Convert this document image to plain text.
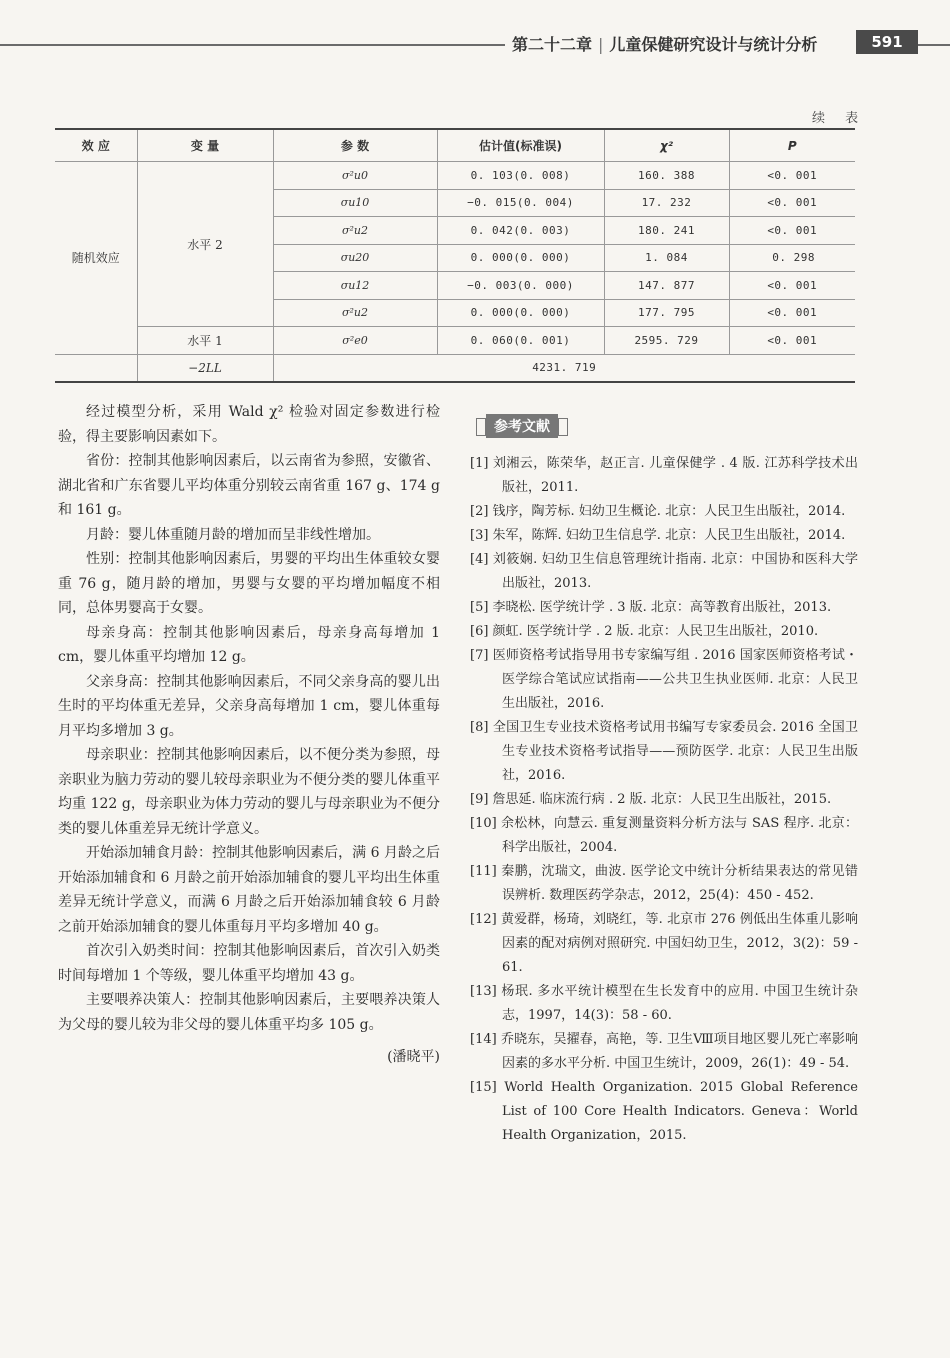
第二十二章 | 儿童保健研究设计与统计分析	591
续 表
效 应	变 量	参 数	估计值(标准误)	χ²	P
随机效应	水平 2	σ²u0	0. 103(0. 008)	160. 388	<0. 001
		σu10	−0. 015(0. 004)	17. 232	<0. 001
		σ²u2	0. 042(0. 003)	180. 241	<0. 001
		σu20	0. 000(0. 000)	1. 084	0. 298
		σu12	−0. 003(0. 000)	147. 877	<0. 001
		σ²u2	0. 000(0. 000)	177. 795	<0. 001
	水平 1	σ²e0	0. 060(0. 001)	2595. 729	<0. 001
	−2LL	4231. 719			

经过模型分析，采用 Wald χ² 检验对固定参数进行检验，得主要影响因素如下。

省份：控制其他影响因素后，以云南省为参照，安徽省、湖北省和广东省婴儿平均体重分别较云南省重 167 g、174 g 和 161 g。

月龄：婴儿体重随月龄的增加而呈非线性增加。

性别：控制其他影响因素后，男婴的平均出生体重较女婴重 76 g，随月龄的增加，男婴与女婴的平均增加幅度不相同，总体男婴高于女婴。

母亲身高：控制其他影响因素后，母亲身高每增加 1 cm，婴儿体重平均增加 12 g。

父亲身高：控制其他影响因素后，不同父亲身高的婴儿出生时的平均体重无差异，父亲身高每增加 1 cm，婴儿体重每月平均多增加 3 g。

母亲职业：控制其他影响因素后，以不便分类为参照，母亲职业为脑力劳动的婴儿较母亲职业为不便分类的婴儿体重平均重 122 g，母亲职业为体力劳动的婴儿与母亲职业为不便分类的婴儿体重差异无统计学意义。

开始添加辅食月龄：控制其他影响因素后，满 6 月龄之后开始添加辅食和 6 月龄之前开始添加辅食的婴儿平均出生体重差异无统计学意义，而满 6 月龄之后开始添加辅食较 6 月龄之前开始添加辅食的婴儿体重每月平均多增加 40 g。

首次引入奶类时间：控制其他影响因素后，首次引入奶类时间每增加 1 个等级，婴儿体重平均增加 43 g。

主要喂养决策人：控制其他影响因素后，主要喂养决策人为父母的婴儿较为非父母的婴儿体重平均多 105 g。

(潘晓平)
参考文献
[1] 刘湘云，陈荣华，赵正言. 儿童保健学 . 4 版. 江苏科学技术出版社，2011.
[2] 钱序，陶芳标. 妇幼卫生概论. 北京：人民卫生出版社，2014.
[3] 朱军，陈辉. 妇幼卫生信息学. 北京：人民卫生出版社，2014.
[4] 刘筱娴. 妇幼卫生信息管理统计指南. 北京：中国协和医科大学出版社，2013.
[5] 李晓松. 医学统计学 . 3 版. 北京：高等教育出版社，2013.
[6] 颜虹. 医学统计学 . 2 版. 北京：人民卫生出版社，2010.
[7] 医师资格考试指导用书专家编写组 . 2016 国家医师资格考试・医学综合笔试应试指南——公共卫生执业医师. 北京：人民卫生出版社，2016.
[8] 全国卫生专业技术资格考试用书编写专家委员会. 2016 全国卫生专业技术资格考试指导——预防医学. 北京：人民卫生出版社，2016.
[9] 詹思延. 临床流行病 . 2 版. 北京：人民卫生出版社，2015.
[10] 余松林，向慧云. 重复测量资料分析方法与 SAS 程序. 北京：科学出版社，2004.
[11] 秦鹏，沈瑞文，曲波. 医学论文中统计分析结果表达的常见错误辨析. 数理医药学杂志，2012，25(4)：450 - 452.
[12] 黄爱群，杨琦，刘晓红，等. 北京市 276 例低出生体重儿影响因素的配对病例对照研究. 中国妇幼卫生，2012，3(2)：59 - 61.
[13] 杨珉. 多水平统计模型在生长发育中的应用. 中国卫生统计杂志，1997，14(3)：58 - 60.
[14] 乔晓东，吴擢春，高艳，等. 卫生Ⅷ项目地区婴儿死亡率影响因素的多水平分析. 中国卫生统计，2009，26(1)：49 - 54.
[15] World Health Organization. 2015 Global Reference List of 100 Core Health Indicators. Geneva：World Health Organization，2015.
